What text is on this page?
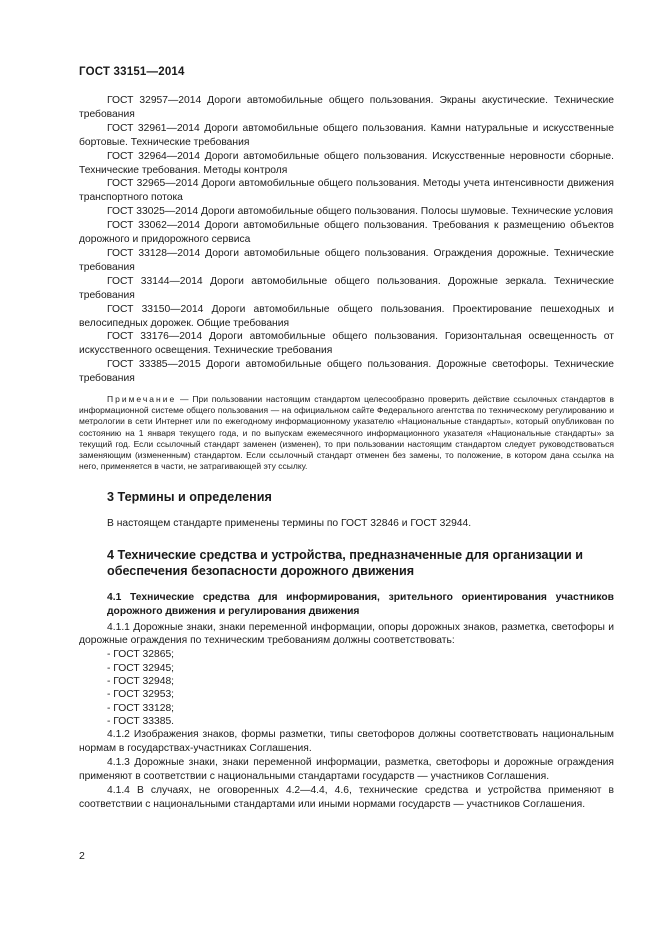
ГОСТ 33151—2014

ГОСТ 32957—2014 Дороги автомобильные общего пользования. Экраны акустические. Технические требования

ГОСТ 32961—2014 Дороги автомобильные общего пользования. Камни натуральные и искусственные бортовые. Технические требования

ГОСТ 32964—2014 Дороги автомобильные общего пользования. Искусственные неровности сборные. Технические требования. Методы контроля

ГОСТ 32965—2014 Дороги автомобильные общего пользования. Методы учета интенсивности движения транспортного потока

ГОСТ 33025—2014 Дороги автомобильные общего пользования. Полосы шумовые. Технические условия

ГОСТ 33062—2014 Дороги автомобильные общего пользования. Требования к размещению объектов дорожного и придорожного сервиса

ГОСТ 33128—2014 Дороги автомобильные общего пользования. Ограждения дорожные. Технические требования

ГОСТ 33144—2014 Дороги автомобильные общего пользования. Дорожные зеркала. Технические требования

ГОСТ 33150—2014 Дороги автомобильные общего пользования. Проектирование пешеходных и велосипедных дорожек. Общие требования

ГОСТ 33176—2014 Дороги автомобильные общего пользования. Горизонтальная освещенность от искусственного освещения. Технические требования

ГОСТ 33385—2015 Дороги автомобильные общего пользования. Дорожные светофоры. Технические требования

Примечание — При пользовании настоящим стандартом целесообразно проверить действие ссылочных стандартов в информационной системе общего пользования — на официальном сайте Федерального агентства по техническому регулированию и метрологии в сети Интернет или по ежегодному информационному указателю «Национальные стандарты», который опубликован по состоянию на 1 января текущего года, и по выпускам ежемесячного информационного указателя «Национальные стандарты» за текущий год. Если ссылочный стандарт заменен (изменен), то при пользовании настоящим стандартом следует руководствоваться заменяющим (измененным) стандартом. Если ссылочный стандарт отменен без замены, то положение, в котором дана ссылка на него, применяется в части, не затрагивающей эту ссылку.

3 Термины и определения

В настоящем стандарте применены термины по ГОСТ 32846 и ГОСТ 32944.

4 Технические средства и устройства, предназначенные для организации и обеспечения безопасности дорожного движения

4.1 Технические средства для информирования, зрительного ориентирования участников дорожного движения и регулирования движения

4.1.1 Дорожные знаки, знаки переменной информации, опоры дорожных знаков, разметка, светофоры и дорожные ограждения по техническим требованиям должны соответствовать:

- ГОСТ 32865;
- ГОСТ 32945;
- ГОСТ 32948;
- ГОСТ 32953;
- ГОСТ 33128;
- ГОСТ 33385.

4.1.2 Изображения знаков, формы разметки, типы светофоров должны соответствовать национальным нормам в государствах-участниках Соглашения.

4.1.3 Дорожные знаки, знаки переменной информации, разметка, светофоры и дорожные ограждения применяют в соответствии с национальными стандартами государств — участников Соглашения.

4.1.4 В случаях, не оговоренных 4.2—4.4, 4.6, технические средства и устройства применяют в соответствии с национальными стандартами или иными нормами государств — участников Соглашения.

2
